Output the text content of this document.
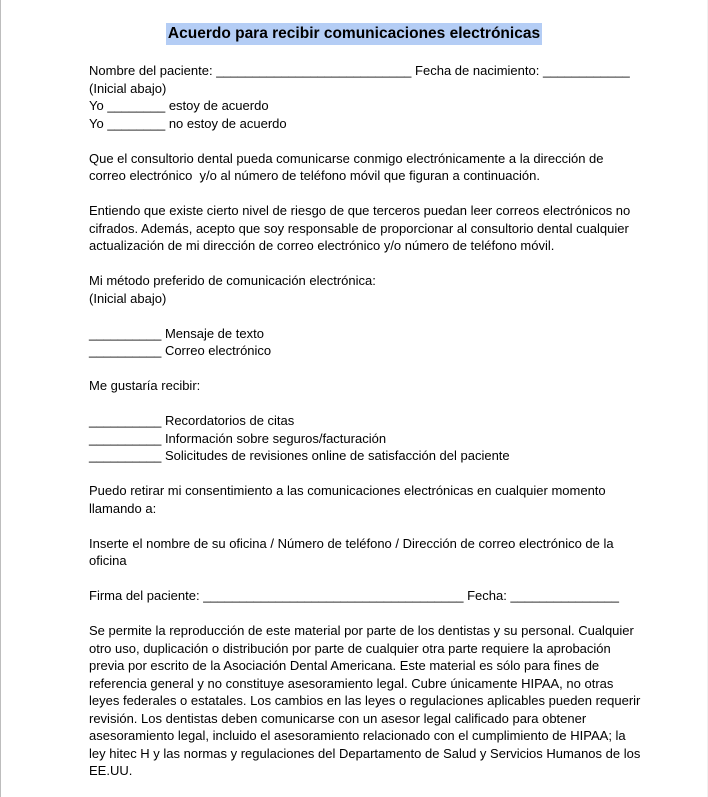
Acuerdo para recibir comunicaciones electrónicas

Nombre del paciente: ___________________________ Fecha de nacimiento: ____________

(Inicial abajo)

Yo ________ estoy de acuerdo

Yo ________ no estoy de acuerdo

Que el consultorio dental pueda comunicarse conmigo electrónicamente a la dirección de

correo electrónico  y/o al número de teléfono móvil que figuran a continuación.

Entiendo que existe cierto nivel de riesgo de que terceros puedan leer correos electrónicos no

cifrados. Además, acepto que soy responsable de proporcionar al consultorio dental cualquier

actualización de mi dirección de correo electrónico y/o número de teléfono móvil.

Mi método preferido de comunicación electrónica:

(Inicial abajo)

__________ Mensaje de texto

__________ Correo electrónico

Me gustaría recibir:

__________ Recordatorios de citas

__________ Información sobre seguros/facturación

__________ Solicitudes de revisiones online de satisfacción del paciente

Puedo retirar mi consentimiento a las comunicaciones electrónicas en cualquier momento

llamando a:

Inserte el nombre de su oficina / Número de teléfono / Dirección de correo electrónico de la

oficina

Firma del paciente: ____________________________________ Fecha: _______________

Se permite la reproducción de este material por parte de los dentistas y su personal. Cualquier

otro uso, duplicación o distribución por parte de cualquier otra parte requiere la aprobación

previa por escrito de la Asociación Dental Americana. Este material es sólo para fines de

referencia general y no constituye asesoramiento legal. Cubre únicamente HIPAA, no otras

leyes federales o estatales. Los cambios en las leyes o regulaciones aplicables pueden requerir

revisión. Los dentistas deben comunicarse con un asesor legal calificado para obtener

asesoramiento legal, incluido el asesoramiento relacionado con el cumplimiento de HIPAA; la

ley hitec H y las normas y regulaciones del Departamento de Salud y Servicios Humanos de los

EE.UU.
